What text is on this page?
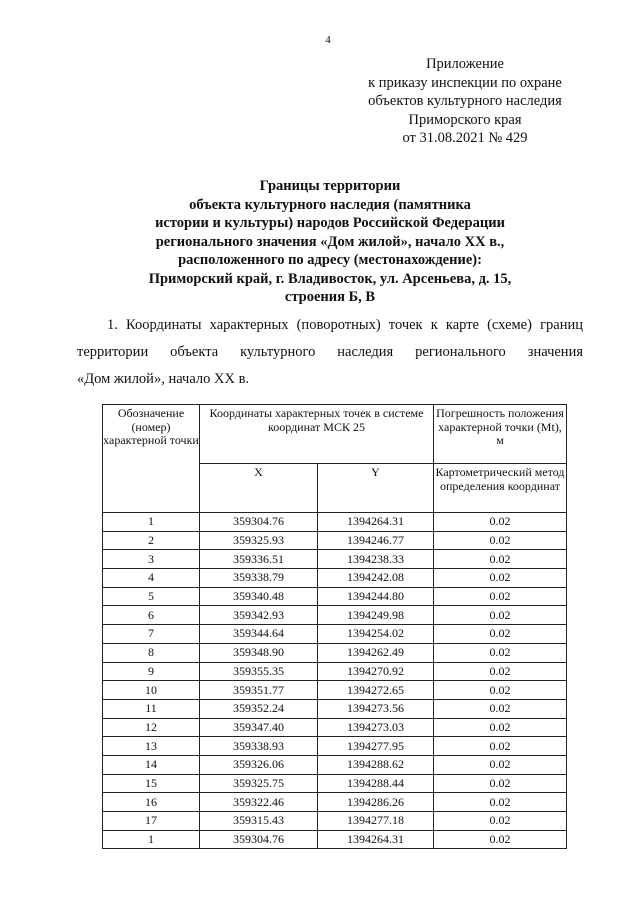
4
Приложение
к приказу инспекции по охране
объектов культурного наследия
Приморского края
от 31.08.2021 № 429
Границы территории
объекта культурного наследия (памятника
истории и культуры) народов Российской Федерации
регионального значения «Дом жилой», начало XX в.,
расположенного по адресу (местонахождение):
Приморский край, г. Владивосток, ул. Арсеньева, д. 15,
строения Б, В
1. Координаты характерных (поворотных) точек к карте (схеме) границ
территории объекта культурного наследия регионального значения
«Дом жилой», начало XX в.
Обозначение (номер) характерной точки	Координаты характерных точек в системе координат МСК 25		Погрешность положения характерной точки (Mt), м
	X	Y	Картометрический метод определения координат
1	359304.76	1394264.31	0.02
2	359325.93	1394246.77	0.02
3	359336.51	1394238.33	0.02
4	359338.79	1394242.08	0.02
5	359340.48	1394244.80	0.02
6	359342.93	1394249.98	0.02
7	359344.64	1394254.02	0.02
8	359348.90	1394262.49	0.02
9	359355.35	1394270.92	0.02
10	359351.77	1394272.65	0.02
11	359352.24	1394273.56	0.02
12	359347.40	1394273.03	0.02
13	359338.93	1394277.95	0.02
14	359326.06	1394288.62	0.02
15	359325.75	1394288.44	0.02
16	359322.46	1394286.26	0.02
17	359315.43	1394277.18	0.02
1	359304.76	1394264.31	0.02
